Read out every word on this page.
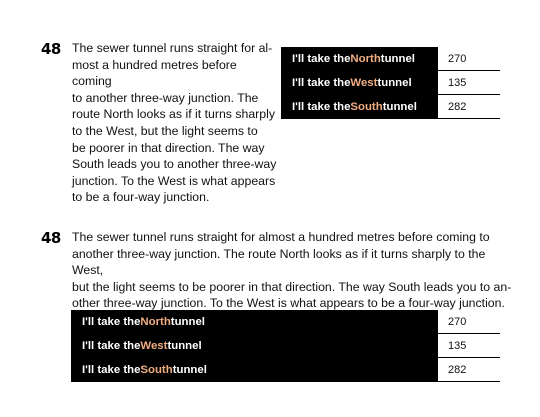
48 The sewer tunnel runs straight for al-
most a hundred metres before coming
to another three-way junction. The
route North looks as if it turns sharply
to the West, but the light seems to
be poorer in that direction. The way
South leads you to another three-way
junction. To the West is what appears
to be a four-way junction.

I'll take the North tunnel	270
I'll take the West tunnel	135
I'll take the South tunnel	282
48 The sewer tunnel runs straight for almost a hundred metres before coming to
another three-way junction. The route North looks as if it turns sharply to the West,
but the light seems to be poorer in that direction. The way South leads you to an-
other three-way junction. To the West is what appears to be a four-way junction.

I'll take the North tunnel	270
I'll take the West tunnel	135
I'll take the South tunnel	282
